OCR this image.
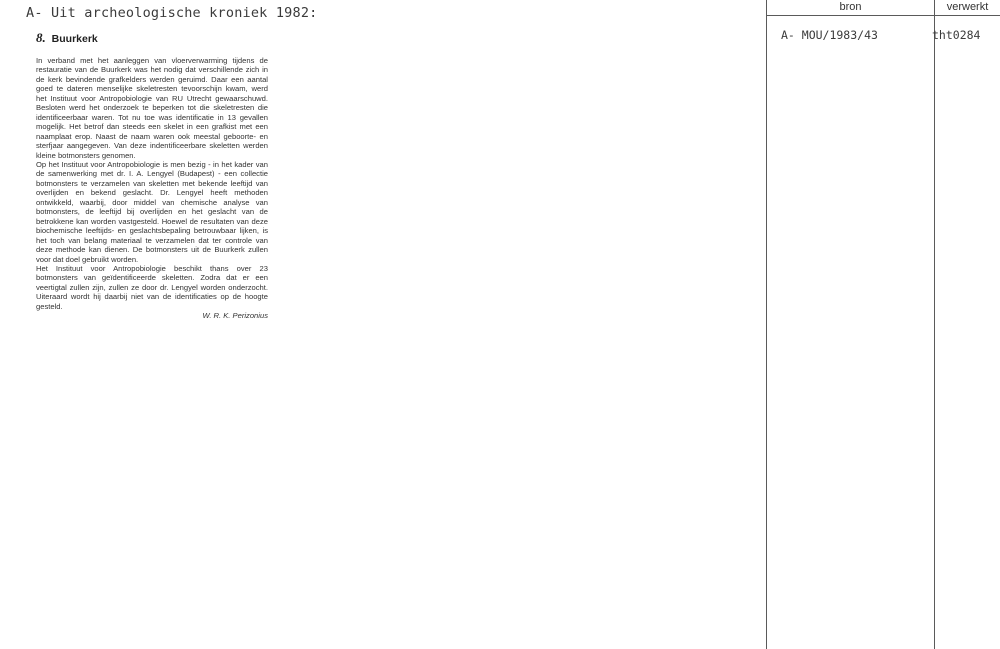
A- Uit archeologische kroniek 1982:
8. Buurkerk

In verband met het aanleggen van vloerverwarming tijdens de restauratie van de Buurkerk was het nodig dat verschillende zich in de kerk bevindende grafkelders werden geruimd. Daar een aantal goed te dateren menselijke skeletresten tevoorschijn kwam, werd het Instituut voor Antropobiologie van RU Utrecht gewaarschuwd. Besloten werd het onderzoek te beperken tot die skeletresten die identificeerbaar waren. Tot nu toe was identificatie in 13 gevallen mogelijk. Het betrof dan steeds een skelet in een grafkist met een naamplaat erop. Naast de naam waren ook meestal geboorte- en sterfjaar aangegeven. Van deze indentificeerbare skeletten werden kleine botmonsters genomen.

Op het Instituut voor Antropobiologie is men bezig - in het kader van de samenwerking met dr. I. A. Lengyel (Budapest) - een collectie botmonsters te verzamelen van skeletten met bekende leeftijd van overlijden en bekend geslacht. Dr. Lengyel heeft methoden ontwikkeld, waarbij, door middel van chemische analyse van botmonsters, de leeftijd bij overlijden en het geslacht van de betrokkene kan worden vastgesteld. Hoewel de resultaten van deze biochemische leeftijds- en geslachtsbepaling betrouwbaar lijken, is het toch van belang materiaal te verzamelen dat ter controle van deze methode kan dienen. De botmonsters uit de Buurkerk zullen voor dat doel gebruikt worden.

Het Instituut voor Antropobiologie beschikt thans over 23 botmonsters van geïdentificeerde skeletten. Zodra dat er een veertigtal zullen zijn, zullen ze door dr. Lengyel worden onderzocht. Uiteraard wordt hij daarbij niet van de identificaties op de hoogte gesteld.

W. R. K. Perizonius
bron	verwerkt
A- MOU/1983/43	tht0284
